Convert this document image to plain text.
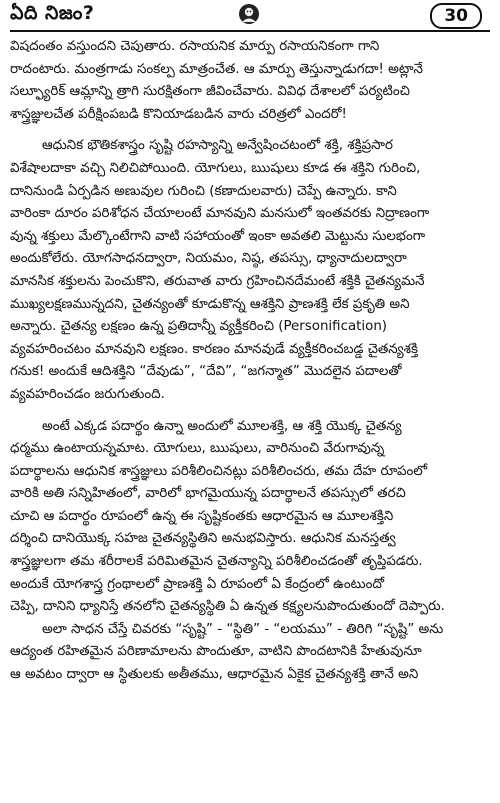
ఏది నిజం?	30
విషదంతం వస్తుందని చెపుతారు. రసాయనిక మార్పు రసాయనికంగా గాని
రాదంటారు. మంత్రగాడు సంకల్ప మాత్రంచేత. ఆ మార్పు తెస్తున్నాడుగదా! అట్లానే
సల్ఫ్యూరిక్ ఆమ్లాన్ని త్రాగి సురక్షితంగా జీవించేవారు. వివిధ దేశాలలో పర్యటించి
శాస్త్రజ్ఞులచేత పరీక్షింపబడి కొనియాడబడిన వారు చరిత్రలో ఎందరో!
ఆధునిక భౌతికశాస్త్రం సృష్టి రహస్యాన్ని అన్వేషించటంలో శక్తి, శక్తిప్రసార
విశేషాలదాకా వచ్చి నిలిచిపోయింది. యోగులు, ఋషులు కూడ ఈ శక్తిని గురించి,
దానినుండి ఏర్పడిన అణువుల గురించి (కణాదులవారు) చెప్పే ఉన్నారు. కాని
వారింకా దూరం పరిశోధన చేయాలంటే మానవుని మనసులో ఇంతవరకు నిద్రాణంగా
వున్న శక్తులు మేల్కొంటేగాని వాటి సహాయంతో ఇంకా అవతలి మెట్టును సులభంగా
అందుకోలేరు. యోగసాధనద్వారా, నియమం, నిష్ఠ, తపస్సు, ధ్యానాదులద్వారా
మానసిక శక్తులను పెంచుకొని, తరువాత వారు గ్రహించినదేమంటే శక్తికి చైతన్యమనే
ముఖ్యలక్షణమున్నదని, చైతన్యంతో కూడుకొన్న ఆశక్తిని ప్రాణశక్తి లేక ప్రకృతి అని
అన్నారు. చైతన్య లక్షణం ఉన్న ప్రతిదాన్నీ వ్యక్తీకరించి (Personification)
వ్యవహరించటం మానవుని లక్షణం. కారణం మానవుడే వ్యక్తీకరించబడ్డ చైతన్యశక్తి
గనుక! అందుకే ఆదిశక్తిని “దేవుడు”, “దేవి”, “జగన్మాత” మొదలైన పదాలతో
వ్యవహరించడం జరుగుతుంది.
అంటే ఎక్కడ పదార్థం ఉన్నా అందులో మూలశక్తి, ఆ శక్తి యొక్క చైతన్య
ధర్మము ఉంటాయన్నమాట. యోగులు, ఋషులు, వారినుంచి వేరుగావున్న
పదార్థాలను ఆధునిక శాస్త్రజ్ఞులు పరిశీలించినట్లు పరిశీలించరు, తమ దేహ రూపంలో
వారికి అతి సన్నిహితంలో, వారిలో భాగమైయున్న పదార్థాలనే తపస్సులో తరచి
చూచి ఆ పదార్థం రూపంలో ఉన్న ఈ సృష్టికంతకు ఆధారమైన ఆ మూలశక్తిని
దర్శించి దానియొక్క సహజ చైతన్యస్థితిని అనుభవిస్తారు. ఆధునిక మనస్తత్వ
శాస్త్రజ్ఞులగా తమ శరీరాలకే పరిమితమైన చైతన్యాన్ని పరిశీలించడంతో తృప్తిపడరు.
అందుకే యోగశాస్త్ర గ్రంథాలలో ప్రాణశక్తి ఏ రూపంలో ఏ కేంద్రంలో ఉంటుందో
చెప్పి, దానిని ధ్యానిస్తే తనలోని చైతన్యస్థితి ఏ ఉన్నత కక్ష్యలనుపొందుతుందో దెప్పారు.
అలా సాధన చేస్తే చివరకు “సృష్టి” - “స్థితి” - “లయము” - తిరిగి “సృష్టి” అను
ఆద్యంత రహితమైన పరిణామాలను పొందుతూ, వాటిని పొందటానికి హేతువునూ
ఆ అవటం ద్వారా ఆ స్థితులకు అతీతము, ఆధారమైన ఏకైక చైతన్యశక్తి తానే అని
